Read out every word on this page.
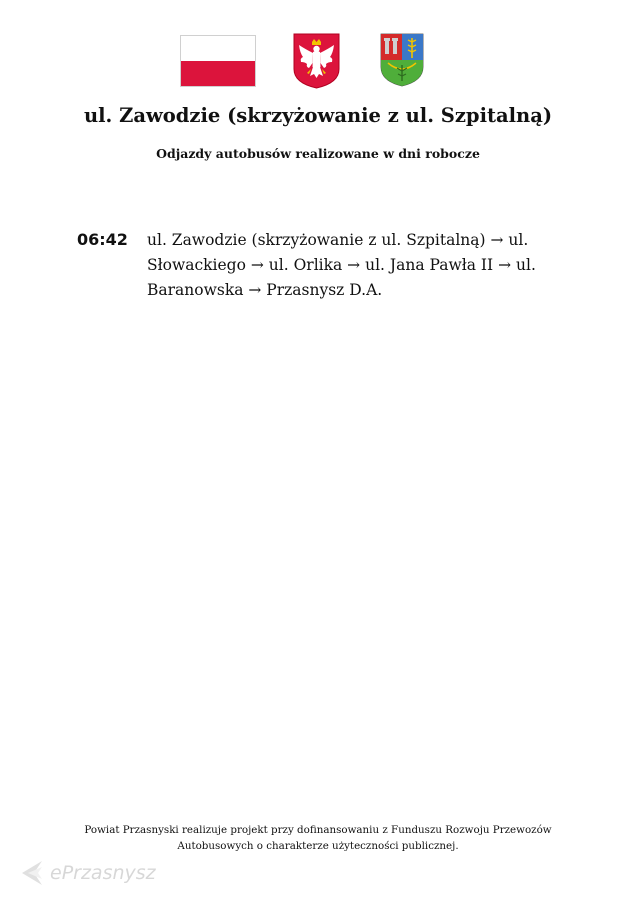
ul. Zawodzie (skrzyżowanie z ul. Szpitalną)
Odjazdy autobusów realizowane w dni robocze
06:42 ul. Zawodzie (skrzyżowanie z ul. Szpitalną) → ul. Słowackiego → ul. Orlika → ul. Jana Pawła II → ul. Baranowska → Przasnysz D.A.

Powiat Przasnyski realizuje projekt przy dofinansowaniu z Funduszu Rozwoju Przewozów

Autobusowych o charakterze użyteczności publicznej.

ePrzasnysz
